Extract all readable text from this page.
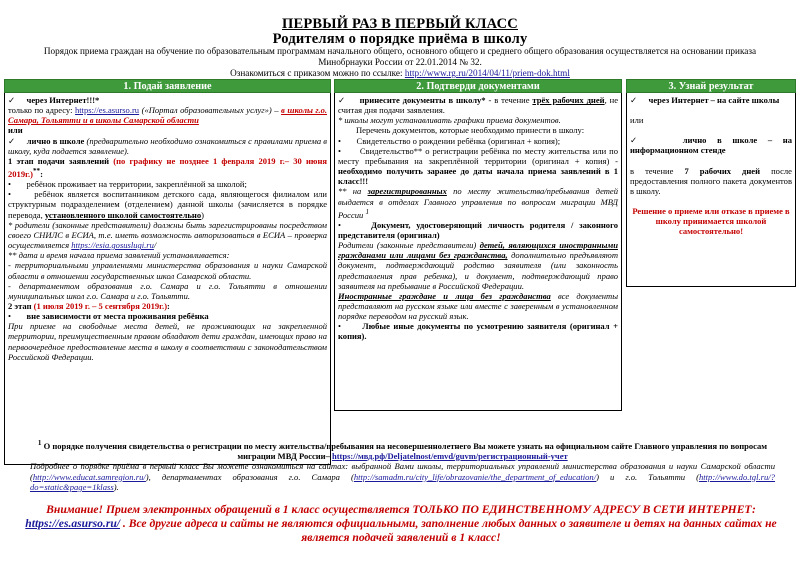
ПЕРВЫЙ РАЗ В ПЕРВЫЙ КЛАСС
Родителям о порядке приёма в школу
Порядок приема граждан на обучение по образовательным программам начального общего, основного общего и среднего общего образования осуществляется на основании приказа Минобрнауки России от 22.01.2014 № 32.
Ознакомиться с приказом можно по ссылке: http://www.rg.ru/2014/04/11/priem-dok.html
1. Подай заявление
✓ через Интернет!!!*
только по адресу: https://es.asurso.ru («Портал образовательных услуг») – в школы г.о. Самара, Тольятти и в школы Самарской области
или
✓ лично в школе (предварительно необходимо ознакомиться с правилами приема в школу, куда подается заявление).
1 этап подачи заявлений (по графику не позднее 1 февраля 2019 г.– 30 июня 2019г.)**:
• ребёнок проживает на территории, закреплённой за школой;
•	ребёнок является воспитанником детского сада, являющегося филиалом или структурным подразделением (отделением) данной школы (зачисляется в порядке перевода, установленного школой самостоятельно)
* родители (законные представители) должны быть зарегистрированы посредством своего СНИЛС в ЕСИА, т.е. иметь возможность авторизоваться в ЕСИА – проверка осуществляется https://esia.gosuslugi.ru/
** дата и время начала приема заявлений устанавливается:
- территориальными управлениями министерства образования и науки Самарской области в отношении государственных школ Самарской области.
- департаментом образования г.о. Самара и г.о. Тольятти в отношении муниципальных школ г.о. Самара и г.о. Тольятти.
2 этап (1 июля 2019 г. – 5 сентября 2019г.):
• вне зависимости от места проживания ребёнка
При приеме на свободные места детей, не проживающих на закрепленной территории, преимущественным правом обладают дети граждан, имеющих право на первоочередное предоставление места в школу в соответствии с законодательством Российской Федерации.
2. Подтверди документами
✓ принесите документы в школу* - в течение трёх рабочих дней, не считая дня подачи заявления.
* школы могут устанавливать графики приема документов.
Перечень документов, которые необходимо принести в школу:
• Свидетельство о рождении ребёнка (оригинал + копия);
• Свидетельство** о регистрации ребёнка по месту жительства или по месту пребывания на закреплённой территории (оригинал + копия) - необходимо получить заранее до даты начала приема заявлений в 1 класс!!!
** на зарегистрированных по месту жительства/пребывания детей выдается в отделах Главного управления по вопросам миграции МВД России $^1$
•	Документ, удостоверяющий личность родителя / законного представителя (оригинал)
Родители (законные представители) детей, являющихся иностранными гражданами или лицами без гражданства, дополнительно предъявляют документ, подтверждающий родство заявителя (или законность представления прав ребенка), и документ, подтверждающий право заявителя на пребывание в Российской Федерации.
Иностранные граждане и лица без гражданства все документы представляют на русском языке или вместе с заверенным в установленном порядке переводом на русский язык.
• Любые иные документы по усмотрению заявителя (оригинал + копия).
3. Узнай результат
✓ через Интернет – на сайте школы
или
✓	лично в школе – на информационном стенде
в течение 7 рабочих дней после предоставления полного пакета документов в школу.
Решение о приеме или отказе в приеме в школу принимается школой самостоятельно!
$^1$ О порядке получения свидетельства о регистрации по месту жительства/пребывания на несовершеннолетнего Вы можете узнать на официальном сайте Главного управления по вопросам миграции МВД России– https://мвд.рф/Deljatelnost/emvd/guvm/регистрационный-учет
Подробнее о порядке приёма в первый класс Вы можете ознакомиться на сайтах: выбранной Вами школы, территориальных управлений министерства образования и науки Самарской области (http://www.educat.samregion.ru/), департаментах образования г.о. Самара (http://samadm.ru/city_life/obrazovanie/the_department_of_education/) и г.о. Тольятти (http://www.do.tgl.ru/?do=static&page=1klass).
Внимание! Прием электронных обращений в 1 класс осуществляется ТОЛЬКО ПО ЕДИНСТВЕННОМУ АДРЕСУ В СЕТИ ИНТЕРНЕТ: https://es.asurso.ru/ . Все другие адреса и сайты не являются официальными, заполнение любых данных о заявителе и детях на данных сайтах не является подачей заявлений в 1 класс!
